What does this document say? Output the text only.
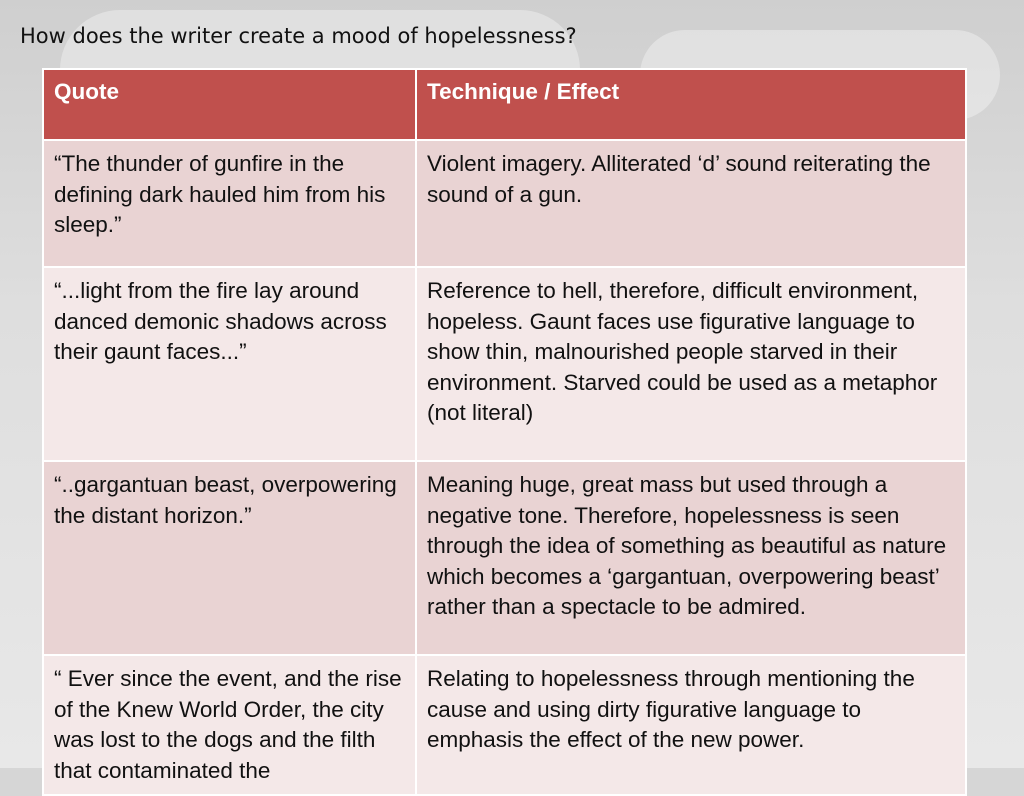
How does the writer create a mood of hopelessness?
Quote	Technique / Effect
“The thunder of gunfire in the defining dark hauled him from his sleep.”	Violent imagery. Alliterated ‘d’ sound reiterating the sound of a gun.
“...light from the fire lay around danced demonic shadows across their gaunt faces...”	Reference to hell, therefore, difficult environment, hopeless. Gaunt faces use figurative language to show thin, malnourished people starved in their environment. Starved could be used as a metaphor (not literal)
“..gargantuan beast, overpowering the distant horizon.”	Meaning huge, great mass but used through a negative tone. Therefore, hopelessness is seen through the idea of something as beautiful as nature which becomes a ‘gargantuan, overpowering beast’ rather than a spectacle to be admired.
“ Ever since the event, and the rise of the Knew World Order, the city was lost to the dogs and the filth that contaminated the	Relating to hopelessness through mentioning the cause and using dirty figurative language to emphasis the effect of the new power.
